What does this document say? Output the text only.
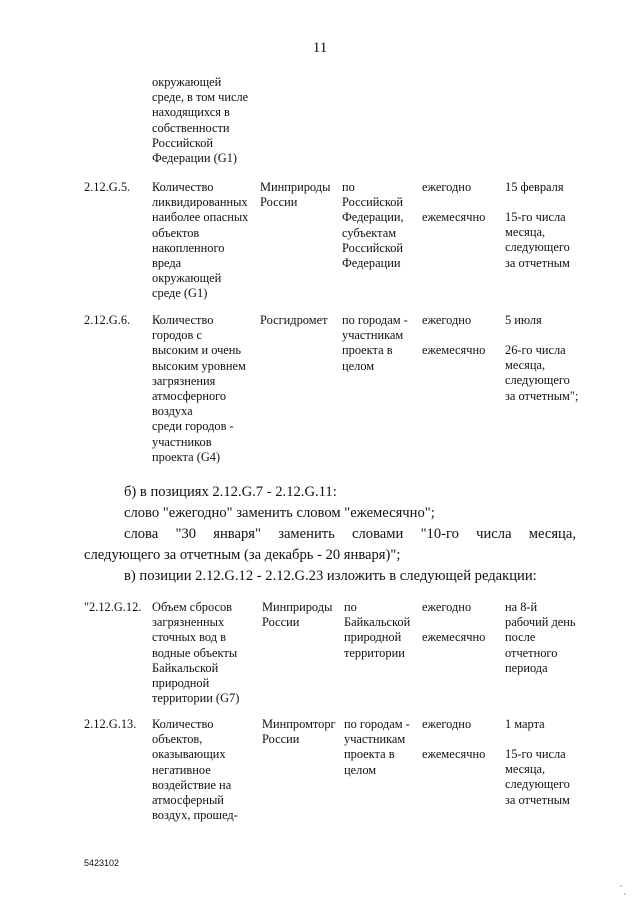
11
окружающей
среде, в том числе
находящихся в
собственности
Российской
Федерации (G1)
2.12.G.5. Количество
ликвидированных
наиболее опасных
объектов
накопленного
вреда
окружающей
среде (G1)
Минприроды
России
по
Российской
Федерации,
субъектам
Российской
Федерации
ежегодно
ежемесячно
15 февраля
15-го числа
месяца,
следующего
за отчетным
2.12.G.6. Количество
городов с
высоким и очень
высоким уровнем
загрязнения
атмосферного
воздуха
среди городов -
участников
проекта (G4)
Росгидромет по городам -
участникам
проекта в
целом
ежегодно
ежемесячно
5 июля
26-го числа
месяца,
следующего
за отчетным";
б) в позициях 2.12.G.7 - 2.12.G.11:
слово "ежегодно" заменить словом "ежемесячно";
слова "30 января" заменить словами "10-го числа месяца,
следующего за отчетным (за декабрь - 20 января)";
в) позиции 2.12.G.12 - 2.12.G.23 изложить в следующей редакции:
"2.12.G.12. Объем сбросов
загрязненных
сточных вод в
водные объекты
Байкальской
природной
территории (G7)
Минприроды
России
по
Байкальской
природной
территории
ежегодно
ежемесячно
на 8-й
рабочий день
после
отчетного
периода
2.12.G.13. Количество
объектов,
оказывающих
негативное
воздействие на
атмосферный
воздух, прошед-
Минпромторг
России
по городам -
участникам
проекта в
целом
ежегодно
ежемесячно
1 марта
15-го числа
месяца,
следующего
за отчетным
5423102
